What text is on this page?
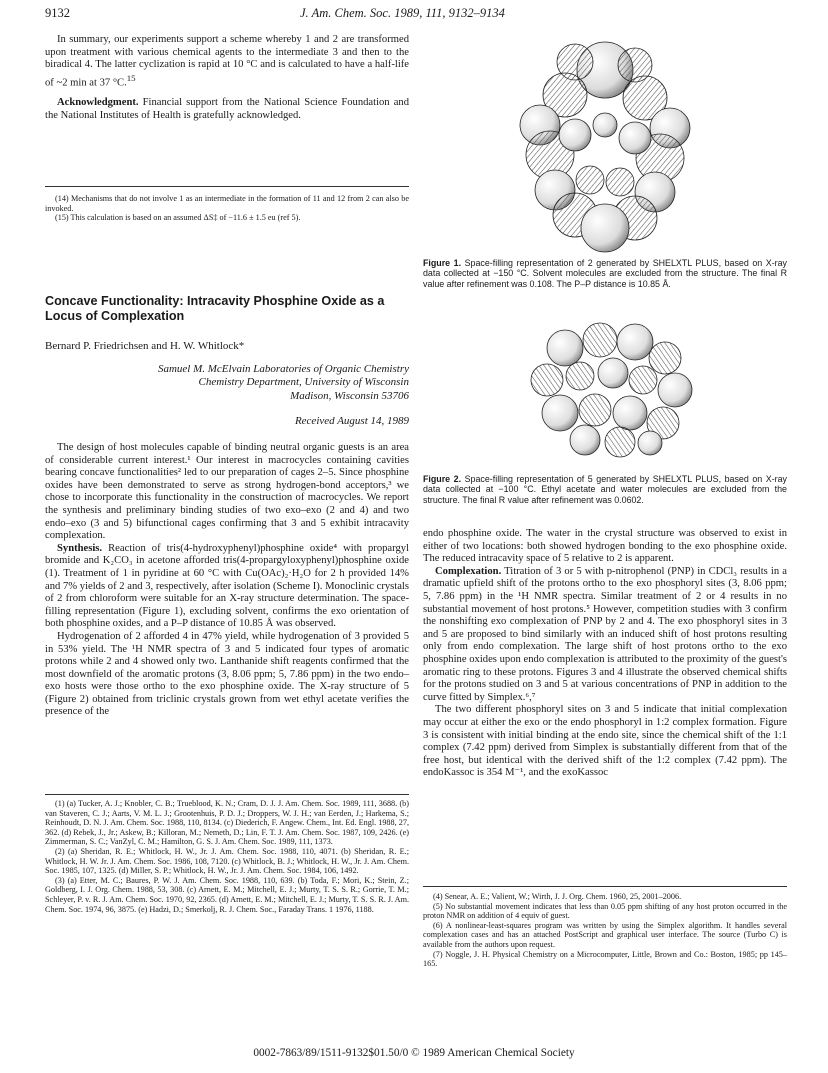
9132	J. Am. Chem. Soc. 1989, 111, 9132–9134

In summary, our experiments support a scheme whereby 1 and 2 are transformed upon treatment with various chemical agents to the intermediate 3 and then to the biradical 4. The latter cyclization is rapid at 10 °C and is calculated to have a half-life of ~2 min at 37 °C.$^{15}$

Acknowledgment. Financial support from the National Science Foundation and the National Institutes of Health is gratefully acknowledged.

(14) Mechanisms that do not involve 1 as an intermediate in the formation of 11 and 12 from 2 can also be invoked.

(15) This calculation is based on an assumed ΔS‡ of −11.6 ± 1.5 eu (ref 5).

Concave Functionality: Intracavity Phosphine Oxide as a Locus of Complexation
Bernard P. Friedrichsen and H. W. Whitlock*
Samuel M. McElvain Laboratories of Organic Chemistry
Chemistry Department, University of Wisconsin
Madison, Wisconsin 53706
Received August 14, 1989

The design of host molecules capable of binding neutral organic guests is an area of considerable current interest.¹ Our interest in macrocycles containing cavities bearing concave functionalities² led to our preparation of cages 2–5. Since phosphine oxides have been demonstrated to serve as strong hydrogen-bond acceptors,³ we chose to incorporate this functionality in the construction of macrocycles. We report the synthesis and preliminary binding studies of two exo–exo (2 and 4) and two endo–exo (3 and 5) bifunctional cages confirming that 3 and 5 exhibit intracavity complexation.

Synthesis. Reaction of tris(4-hydroxyphenyl)phosphine oxide⁴ with propargyl bromide and K₂CO₃ in acetone afforded tris(4-propargyloxyphenyl)phosphine oxide (1). Treatment of 1 in pyridine at 60 °C with Cu(OAc)₂·H₂O for 2 h provided 14% and 7% yields of 2 and 3, respectively, after isolation (Scheme I). Monoclinic crystals of 2 from chloroform were suitable for an X-ray structure determination. The space-filling representation (Figure 1), excluding solvent, confirms the exo orientation of both phosphine oxides, and a P–P distance of 10.85 Å was observed.

Hydrogenation of 2 afforded 4 in 47% yield, while hydrogenation of 3 provided 5 in 53% yield. The ¹H NMR spectra of 3 and 5 indicated four types of aromatic protons while 2 and 4 showed only two. Lanthanide shift reagents confirmed that the most downfield of the aromatic protons (3, 8.06 ppm; 5, 7.86 ppm) in the two endo–exo hosts were those ortho to the exo phosphine oxide. The X-ray structure of 5 (Figure 2) obtained from triclinic crystals grown from wet ethyl acetate verifies the presence of the

(1) (a) Tucker, A. J.; Knobler, C. B.; Trueblood, K. N.; Cram, D. J. J. Am. Chem. Soc. 1989, 111, 3688. (b) van Staveren, C. J.; Aarts, V. M. L. J.; Grootenhuis, P. D. J.; Droppers, W. J. H.; van Eerden, J.; Harkema, S.; Reinhoudt, D. N. J. Am. Chem. Soc. 1988, 110, 8134. (c) Diederich, F. Angew. Chem., Int. Ed. Engl. 1988, 27, 362. (d) Rebek, J., Jr.; Askew, B.; Killoran, M.; Nemeth, D.; Lin, F. T. J. Am. Chem. Soc. 1987, 109, 2426. (e) Zimmerman, S. C.; VanZyl, C. M.; Hamilton, G. S. J. Am. Chem. Soc. 1989, 111, 1373.

(2) (a) Sheridan, R. E.; Whitlock, H. W., Jr. J. Am. Chem. Soc. 1988, 110, 4071. (b) Sheridan, R. E.; Whitlock, H. W. Jr. J. Am. Chem. Soc. 1986, 108, 7120. (c) Whitlock, B. J.; Whitlock, H. W., Jr. J. Am. Chem. Soc. 1985, 107, 1325. (d) Miller, S. P.; Whitlock, H. W., Jr. J. Am. Chem. Soc. 1984, 106, 1492.

(3) (a) Etter, M. C.; Baures, P. W. J. Am. Chem. Soc. 1988, 110, 639. (b) Toda, F.; Mori, K.; Stein, Z.; Goldberg, I. J. Org. Chem. 1988, 53, 308. (c) Arnett, E. M.; Mitchell, E. J.; Murty, T. S. S. R.; Gorrie, T. M.; Schleyer, P. v. R. J. Am. Chem. Soc. 1970, 92, 2365. (d) Arnett, E. M.; Mitchell, E. J.; Murty, T. S. S. R. J. Am. Chem. Soc. 1974, 96, 3875. (e) Hadzi, D.; Smerkolj, R. J. Chem. Soc., Faraday Trans. 1 1976, 1188.

Figure 1. Space-filling representation of 2 generated by SHELXTL PLUS, based on X-ray data collected at −150 °C. Solvent molecules are excluded from the structure. The final R value after refinement was 0.108. The P–P distance is 10.85 Å.
Figure 2. Space-filling representation of 5 generated by SHELXTL PLUS, based on X-ray data collected at −100 °C. Ethyl acetate and water molecules are excluded from the structure. The final R value after refinement was 0.0602.

endo phosphine oxide. The water in the crystal structure was observed to exist in either of two locations: both showed hydrogen bonding to the exo phosphine oxide. The reduced intracavity space of 5 relative to 2 is apparent.

Complexation. Titration of 3 or 5 with p-nitrophenol (PNP) in CDCl₃ results in a dramatic upfield shift of the protons ortho to the exo phosphoryl sites (3, 8.06 ppm; 5, 7.86 ppm) in the ¹H NMR spectra. Similar treatment of 2 or 4 results in no substantial movement of host protons.⁵ However, competition studies with 3 confirm the nonshifting exo complexation of PNP by 2 and 4. The exo phosphoryl sites in 3 and 5 are proposed to bind similarly with an induced shift of host protons resulting only from endo complexation. The large shift of host protons ortho to the exo phosphine oxides upon endo complexation is attributed to the proximity of the guest's aromatic ring to these protons. Figures 3 and 4 illustrate the observed chemical shifts for the protons studied on 3 and 5 at various concentrations of PNP in addition to the curve fitted by Simplex.⁶,⁷

The two different phosphoryl sites on 3 and 5 indicate that initial complexation may occur at either the exo or the endo phosphoryl in 1:2 complex formation. Figure 3 is consistent with initial binding at the endo site, since the chemical shift of the 1:1 complex (7.42 ppm) derived from Simplex is substantially different from that of the free host, but identical with the derived shift of the 1:2 complex (7.42 ppm). The endoKassoc is 354 M⁻¹, and the exoKassoc

(4) Senear, A. E.; Valient, W.; Wirth, J. J. Org. Chem. 1960, 25, 2001–2006.

(5) No substantial movement indicates that less than 0.05 ppm shifting of any host proton occurred in the proton NMR on addition of 4 equiv of guest.

(6) A nonlinear-least-squares program was written by using the Simplex algorithm. It handles several complexation cases and has an attached PostScript and graphical user interface. The source (Turbo C) is available from the authors upon request.

(7) Noggle, J. H. Physical Chemistry on a Microcomputer, Little, Brown and Co.: Boston, 1985; pp 145–165.

0002-7863/89/1511-9132$01.50/0 © 1989 American Chemical Society
